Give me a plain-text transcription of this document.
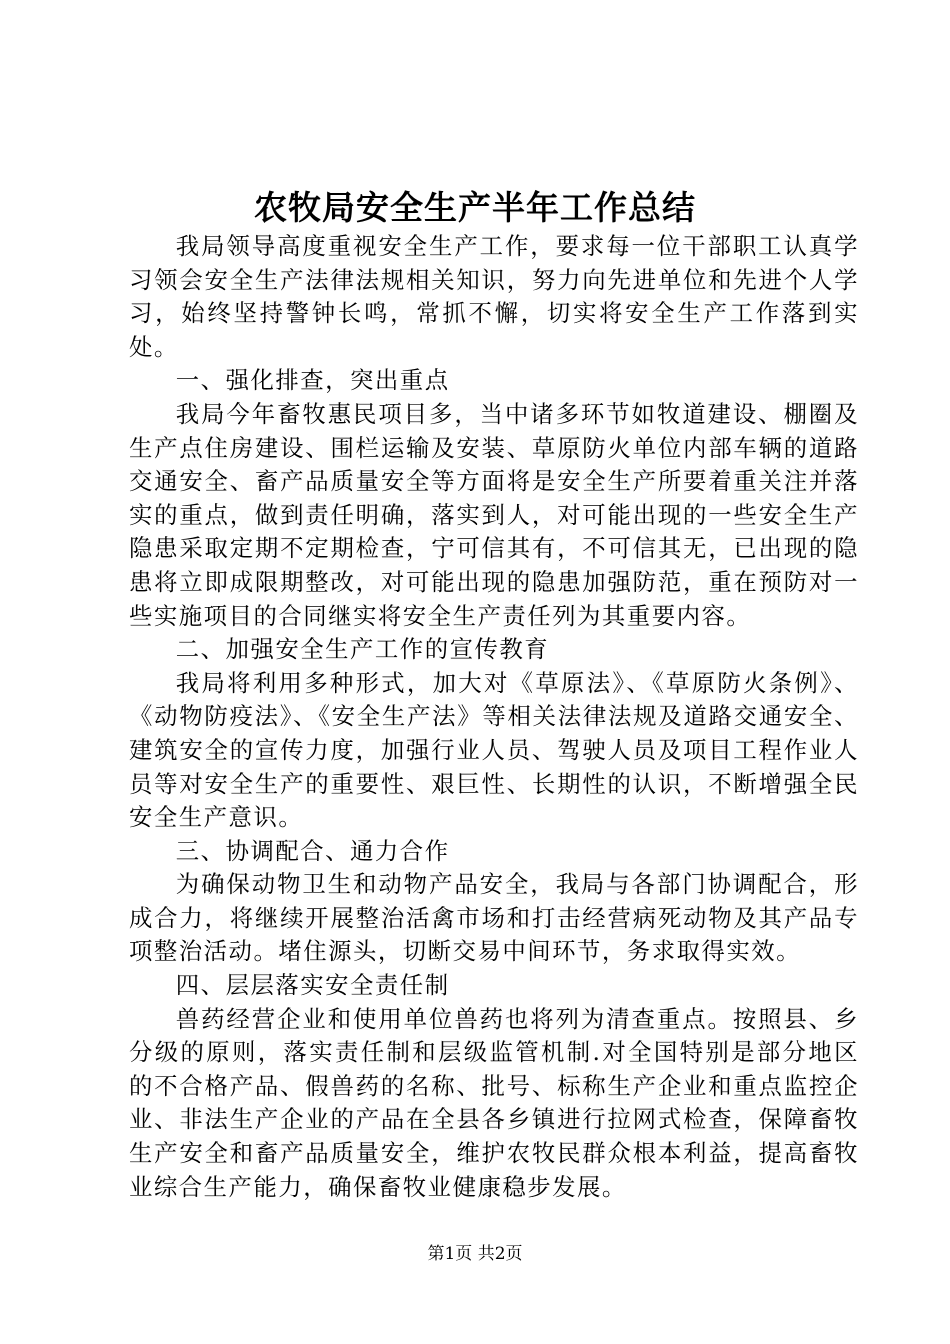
农牧局安全生产半年工作总结

我局领导高度重视安全生产工作，要求每一位干部职工认真学习领会安全生产法律法规相关知识，努力向先进单位和先进个人学习，始终坚持警钟长鸣，常抓不懈，切实将安全生产工作落到实处。

一、强化排查，突出重点

我局今年畜牧惠民项目多，当中诸多环节如牧道建设、棚圈及生产点住房建设、围栏运输及安装、草原防火单位内部车辆的道路交通安全、畜产品质量安全等方面将是安全生产所要着重关注并落实的重点，做到责任明确，落实到人，对可能出现的一些安全生产隐患采取定期不定期检查，宁可信其有，不可信其无，已出现的隐患将立即成限期整改，对可能出现的隐患加强防范，重在预防对一些实施项目的合同继实将安全生产责任列为其重要内容。

二、加强安全生产工作的宣传教育

我局将利用多种形式，加大对《草原法》、《草原防火条例》、《动物防疫法》、《安全生产法》等相关法律法规及道路交通安全、建筑安全的宣传力度，加强行业人员、驾驶人员及项目工程作业人员等对安全生产的重要性、艰巨性、长期性的认识，不断增强全民安全生产意识。

三、协调配合、通力合作

为确保动物卫生和动物产品安全，我局与各部门协调配合，形成合力，将继续开展整治活禽市场和打击经营病死动物及其产品专项整治活动。堵住源头，切断交易中间环节，务求取得实效。

四、层层落实安全责任制

兽药经营企业和使用单位兽药也将列为清查重点。按照县、乡分级的原则，落实责任制和层级监管机制.对全国特别是部分地区的不合格产品、假兽药的名称、批号、标称生产企业和重点监控企业、非法生产企业的产品在全县各乡镇进行拉网式检查，保障畜牧生产安全和畜产品质量安全，维护农牧民群众根本利益，提高畜牧业综合生产能力，确保畜牧业健康稳步发展。

第1页 共2页
